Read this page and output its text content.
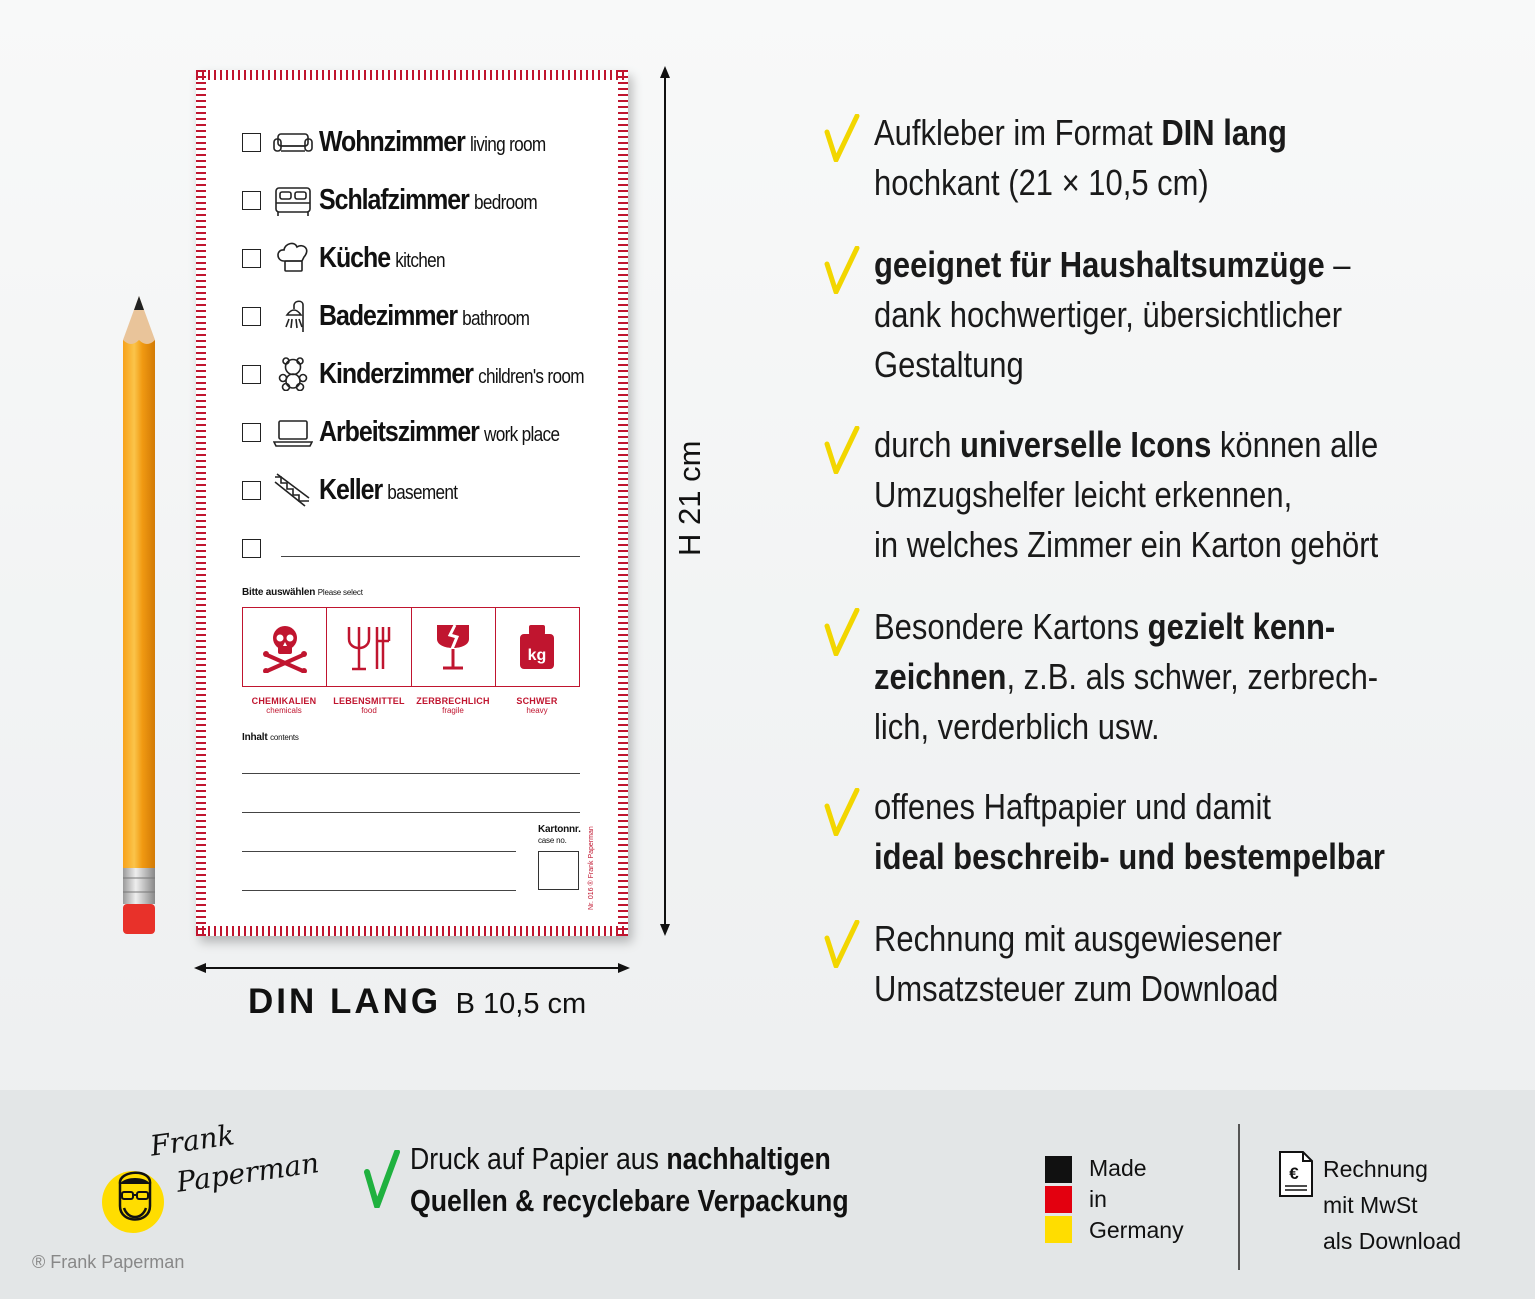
Wohnzimmer living room
Schlafzimmer bedroom
Küche kitchen
Badezimmer bathroom
Kinderzimmer children's room
Arbeitszimmer work place
Keller basement
Bitte auswählen Please select
kg
CHEMIKALIEN
chemicals
LEBENSMITTEL
food
ZERBRECHLICH
fragile
SCHWER
heavy
Inhalt contents
Kartonnr.
case no.	Nr. 016 ® Frank Paperman
H 21 cm
DIN LANG B 10,5 cm
Aufkleber im Format DIN lang
hochkant (21 × 10,5 cm)
geeignet für Haushaltsumzüge –
dank hochwertiger, übersichtlicher
Gestaltung
durch universelle Icons können alle
Umzugshelfer leicht erkennen,
in welches Zimmer ein Karton gehört
Besondere Kartons gezielt kenn-
zeichnen, z.B. als schwer, zerbrech-
lich, verderblich usw.
offenes Haftpapier und damit
ideal beschreib- und bestempelbar
Rechnung mit ausgewiesener
Umsatzsteuer zum Download
Frank
Paperman
® Frank Paperman
Druck auf Papier aus nachhaltigen
Quellen & recyclebare Verpackung
Made
in
Germany
€ Rechnung
mit MwSt
als Download
